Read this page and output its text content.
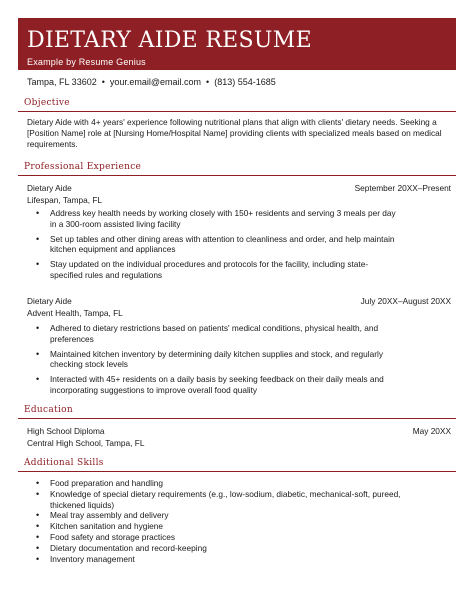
DIETARY AIDE RESUME
Example by Resume Genius
Tampa, FL 33602 • your.email@email.com • (813) 554-1685
Objective
Dietary Aide with 4+ years' experience following nutritional plans that align with clients' dietary needs. Seeking a [Position Name] role at [Nursing Home/Hospital Name] providing clients with specialized meals based on medical requirements.
Professional Experience
Dietary Aide	September 20XX–Present
Lifespan, Tampa, FL
• Address key health needs by working closely with 150+ residents and serving 3 meals per day in a 300-room assisted living facility
• Set up tables and other dining areas with attention to cleanliness and order, and help maintain kitchen equipment and appliances
• Stay updated on the individual procedures and protocols for the facility, including state-specified rules and regulations
Dietary Aide	July 20XX–August 20XX
Advent Health, Tampa, FL
• Adhered to dietary restrictions based on patients' medical conditions, physical health, and preferences
• Maintained kitchen inventory by determining daily kitchen supplies and stock, and regularly checking stock levels
• Interacted with 45+ residents on a daily basis by seeking feedback on their daily meals and incorporating suggestions to improve overall food quality
Education
High School Diploma	May 20XX
Central High School, Tampa, FL
Additional Skills
• Food preparation and handling
• Knowledge of special dietary requirements (e.g., low-sodium, diabetic, mechanical-soft, pureed, thickened liquids)
• Meal tray assembly and delivery
• Kitchen sanitation and hygiene
• Food safety and storage practices
• Dietary documentation and record-keeping
• Inventory management
